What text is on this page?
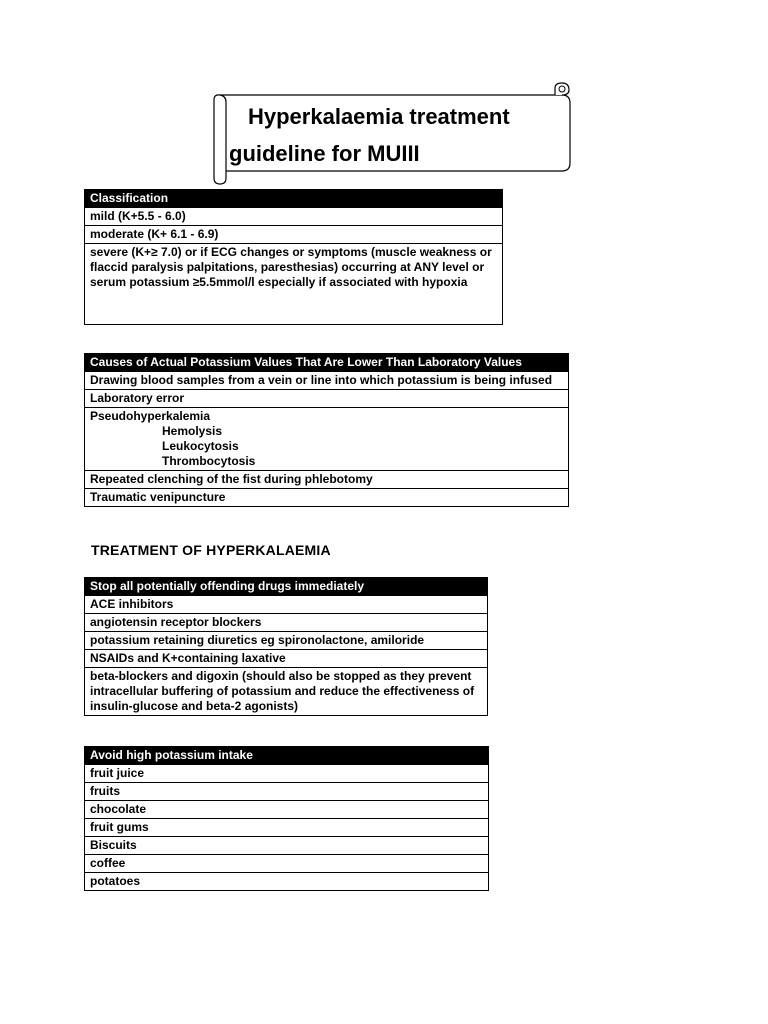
Hyperkalaemia treatment
guideline for MUIII
Classification
mild (K+5.5 - 6.0)
moderate (K+ 6.1 - 6.9)
severe (K+≥ 7.0) or if ECG changes or symptoms (muscle weakness or flaccid paralysis palpitations, paresthesias) occurring at ANY level or serum potassium ≥5.5mmol/l especially if associated with hypoxia
Causes of Actual Potassium Values That Are Lower Than Laboratory Values
Drawing blood samples from a vein or line into which potassium is being infused
Laboratory error
Pseudohyperkalemia
Hemolysis
Leukocytosis
Thrombocytosis

Repeated clenching of the fist during phlebotomy
Traumatic venipuncture
TREATMENT OF HYPERKALAEMIA
Stop all potentially offending drugs immediately
ACE inhibitors
angiotensin receptor blockers
potassium retaining diuretics eg spironolactone, amiloride
NSAIDs and K+containing laxative
beta-blockers and digoxin (should also be stopped as they prevent intracellular buffering of potassium and reduce the effectiveness of insulin-glucose and beta-2 agonists)
Avoid high potassium intake
fruit juice
fruits
chocolate
fruit gums
Biscuits
coffee
potatoes
